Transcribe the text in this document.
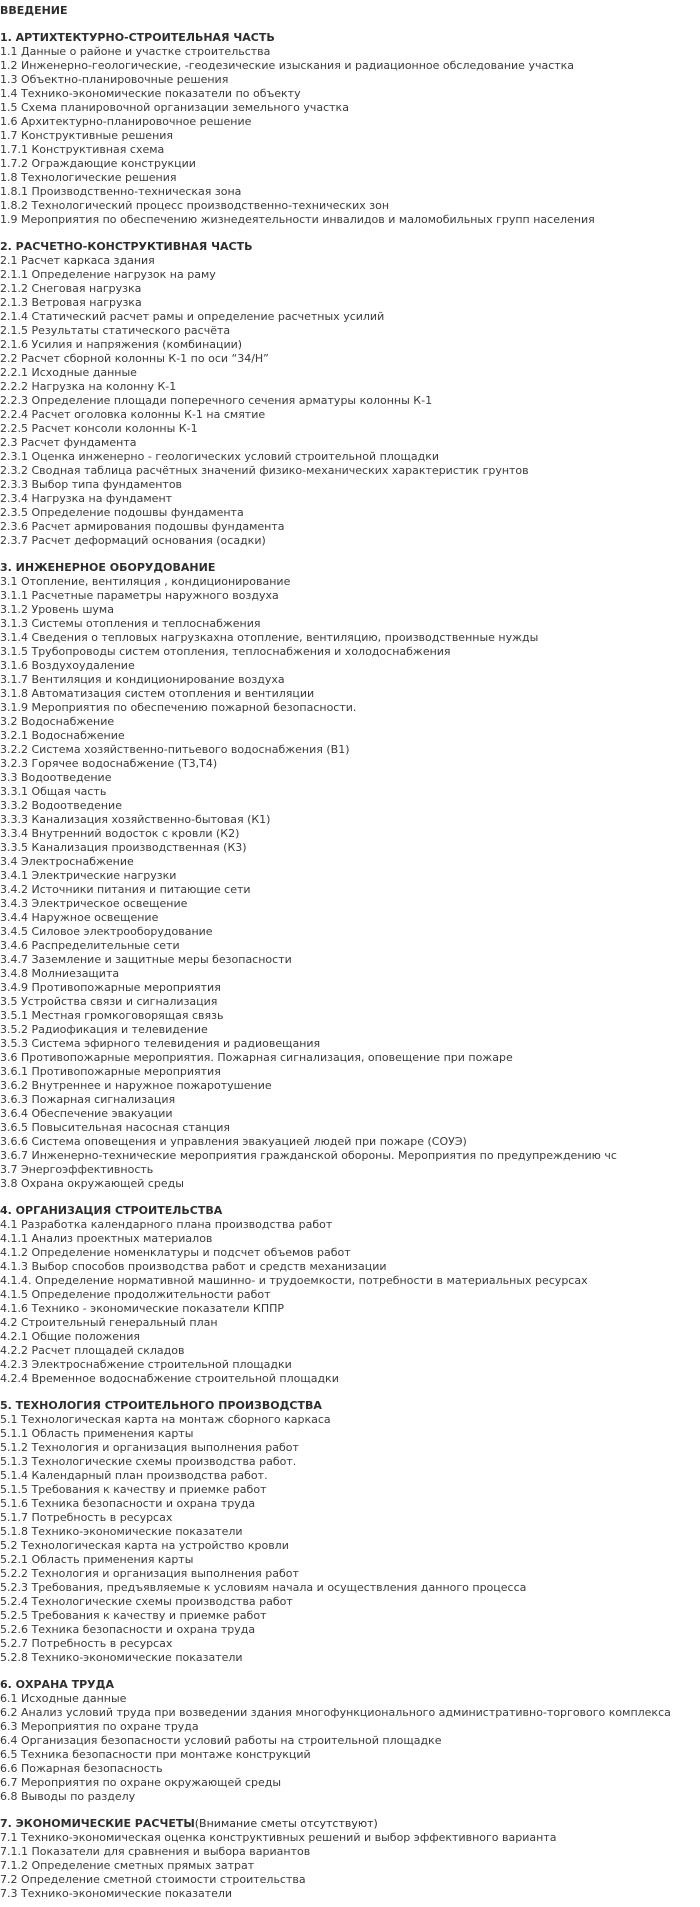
ВВЕДЕНИЕ
1. АРТИХТЕКТУРНО-СТРОИТЕЛЬНАЯ ЧАСТЬ
1.1 Данные о районе и участке строительства
1.2 Инженерно-геологические, -геодезические изыскания и радиационное обследование участка
1.3 Объектно-планировочные решения
1.4 Технико-экономические показатели по объекту
1.5 Схема планировочной организации земельного участка
1.6 Архитектурно-планировочное решение
1.7 Конструктивные решения
1.7.1 Конструктивная схема
1.7.2 Ограждающие конструкции
1.8 Технологические решения
1.8.1 Производственно-техническая зона
1.8.2 Технологический процесс производственно-технических зон
1.9 Мероприятия по обеспечению жизнедеятельности инвалидов и маломобильных групп населения
2. РАСЧЕТНО-КОНСТРУКТИВНАЯ ЧАСТЬ
2.1 Расчет каркаса здания
2.1.1 Определение нагрузок на раму
2.1.2 Снеговая нагрузка
2.1.3 Ветровая нагрузка
2.1.4 Статический расчет рамы и определение расчетных усилий
2.1.5 Результаты статического расчёта
2.1.6 Усилия и напряжения (комбинации)
2.2 Расчет сборной колонны К-1 по оси “34/Н”
2.2.1 Исходные данные
2.2.2 Нагрузка на колонну К-1
2.2.3 Определение площади поперечного сечения арматуры колонны К-1
2.2.4 Расчет оголовка колонны К-1 на смятие
2.2.5 Расчет консоли колонны К-1
2.3 Расчет фундамента
2.3.1 Оценка инженерно - геологических условий строительной площадки
2.3.2 Сводная таблица расчётных значений физико-механических характеристик грунтов
2.3.3 Выбор типа фундаментов
2.3.4 Нагрузка на фундамент
2.3.5 Определение подошвы фундамента
2.3.6 Расчет армирования подошвы фундамента
2.3.7 Расчет деформаций основания (осадки)
3. ИНЖЕНЕРНОЕ ОБОРУДОВАНИЕ
3.1 Отопление, вентиляция , кондиционирование
3.1.1 Расчетные параметры наружного воздуха
3.1.2 Уровень шума
3.1.3 Системы отопления и теплоснабжения
3.1.4 Сведения о тепловых нагрузкахна отопление, вентиляцию, производственные нужды
3.1.5 Трубопроводы систем отопления, теплоснабжения и холодоснабжения
3.1.6 Воздухоудаление
3.1.7 Вентиляция и кондиционирование воздуха
3.1.8 Автоматизация систем отопления и вентиляции
3.1.9 Мероприятия по обеспечению пожарной безопасности.
3.2 Водоснабжение
3.2.1 Водоснабжение
3.2.2 Система хозяйственно-питьевого водоснабжения (В1)
3.2.3 Горячее водоснабжение (Т3,Т4)
3.3 Водоотведение
3.3.1 Общая часть
3.3.2 Водоотведение
3.3.3 Канализация хозяйственно-бытовая (К1)
3.3.4 Внутренний водосток с кровли (К2)
3.3.5 Канализация производственная (К3)
3.4 Электроснабжение
3.4.1 Электрические нагрузки
3.4.2 Источники питания и питающие сети
3.4.3 Электрическое освещение
3.4.4 Наружное освещение
3.4.5 Силовое электрооборудование
3.4.6 Распределительные сети
3.4.7 Заземление и защитные меры безопасности
3.4.8 Молниезащита
3.4.9 Противопожарные мероприятия
3.5 Устройства связи и сигнализация
3.5.1 Местная громкоговорящая связь
3.5.2 Радиофикация и телевидение
3.5.3 Система эфирного телевидения и радиовещания
3.6 Противопожарные мероприятия. Пожарная сигнализация, оповещение при пожаре
3.6.1 Противопожарные мероприятия
3.6.2 Внутреннее и наружное пожаротушение
3.6.3 Пожарная сигнализация
3.6.4 Обеспечение эвакуации
3.6.5 Повысительная насосная станция
3.6.6 Система оповещения и управления эвакуацией людей при пожаре (СОУЭ)
3.6.7 Инженерно-технические мероприятия гражданской обороны. Мероприятия по предупреждению чс
3.7 Энергоэффективность
3.8 Охрана окружающей среды
4. ОРГАНИЗАЦИЯ СТРОИТЕЛЬСТВА
4.1 Разработка календарного плана производства работ
4.1.1 Анализ проектных материалов
4.1.2 Определение номенклатуры и подсчет объемов работ
4.1.3 Выбор способов производства работ и средств механизации
4.1.4. Определение нормативной машинно- и трудоемкости, потребности в материальных ресурсах
4.1.5 Определение продолжительности работ
4.1.6 Технико - экономические показатели КППР
4.2 Строительный генеральный план
4.2.1 Общие положения
4.2.2 Расчет площадей складов
4.2.3 Электроснабжение строительной площадки
4.2.4 Временное водоснабжение строительной площадки
5. ТЕХНОЛОГИЯ СТРОИТЕЛЬНОГО ПРОИЗВОДСТВА
5.1 Технологическая карта на монтаж сборного каркаса
5.1.1 Область применения карты
5.1.2 Технология и организация выполнения работ
5.1.3 Технологические схемы производства работ.
5.1.4 Календарный план производства работ.
5.1.5 Требования к качеству и приемке работ
5.1.6 Техника безопасности и охрана труда
5.1.7 Потребность в ресурсах
5.1.8 Технико-экономические показатели
5.2 Технологическая карта на устройство кровли
5.2.1 Область применения карты
5.2.2 Технология и организация выполнения работ
5.2.3 Требования, предъявляемые к условиям начала и осуществления данного процесса
5.2.4 Технологические схемы производства работ
5.2.5 Требования к качеству и приемке работ
5.2.6 Техника безопасности и охрана труда
5.2.7 Потребность в ресурсах
5.2.8 Технико-экономические показатели
6. ОХРАНА ТРУДА
6.1 Исходные данные
6.2 Анализ условий труда при возведении здания многофункционального административно-торгового комплекса
6.3 Мероприятия по охране труда
6.4 Организация безопасности условий работы на строительной площадке
6.5 Техника безопасности при монтаже конструкций
6.6 Пожарная безопасность
6.7 Мероприятия по охране окружающей среды
6.8 Выводы по разделу
7. ЭКОНОМИЧЕСКИЕ РАСЧЕТЫ(Внимание сметы отсутствуют)
7.1 Технико-экономическая оценка конструктивных решений и выбор эффективного варианта
7.1.1 Показатели для сравнения и выбора вариантов
7.1.2 Определение сметных прямых затрат
7.2 Определение сметной стоимости строительства
7.3 Технико-экономические показатели
